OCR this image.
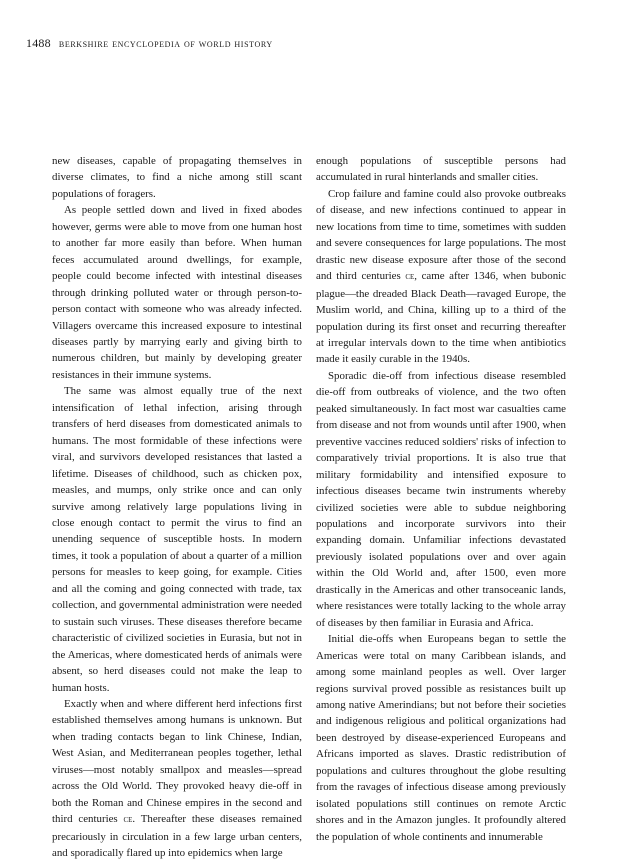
1488 berkshire encyclopedia of world history

new diseases, capable of propagating themselves in diverse climates, to find a niche among still scant populations of foragers.

As people settled down and lived in fixed abodes however, germs were able to move from one human host to another far more easily than before. When human feces accumulated around dwellings, for example, people could become infected with intestinal diseases through drinking polluted water or through person-to-person contact with someone who was already infected. Villagers overcame this increased exposure to intestinal diseases partly by marrying early and giving birth to numerous children, but mainly by developing greater resistances in their immune systems.

The same was almost equally true of the next intensification of lethal infection, arising through transfers of herd diseases from domesticated animals to humans. The most formidable of these infections were viral, and survivors developed resistances that lasted a lifetime. Diseases of childhood, such as chicken pox, measles, and mumps, only strike once and can only survive among relatively large populations living in close enough contact to permit the virus to find an unending sequence of susceptible hosts. In modern times, it took a population of about a quarter of a million persons for measles to keep going, for example. Cities and all the coming and going connected with trade, tax collection, and governmental administration were needed to sustain such viruses. These diseases therefore became characteristic of civilized societies in Eurasia, but not in the Americas, where domesticated herds of animals were absent, so herd diseases could not make the leap to human hosts.

Exactly when and where different herd infections first established themselves among humans is unknown. But when trading contacts began to link Chinese, Indian, West Asian, and Mediterranean peoples together, lethal viruses—most notably smallpox and measles—spread across the Old World. They provoked heavy die-off in both the Roman and Chinese empires in the second and third centuries ce. Thereafter these diseases remained precariously in circulation in a few large urban centers, and sporadically flared up into epidemics when large

enough populations of susceptible persons had accumulated in rural hinterlands and smaller cities.

Crop failure and famine could also provoke outbreaks of disease, and new infections continued to appear in new locations from time to time, sometimes with sudden and severe consequences for large populations. The most drastic new disease exposure after those of the second and third centuries ce, came after 1346, when bubonic plague—the dreaded Black Death—ravaged Europe, the Muslim world, and China, killing up to a third of the population during its first onset and recurring thereafter at irregular intervals down to the time when antibiotics made it easily curable in the 1940s.

Sporadic die-off from infectious disease resembled die-off from outbreaks of violence, and the two often peaked simultaneously. In fact most war casualties came from disease and not from wounds until after 1900, when preventive vaccines reduced soldiers' risks of infection to comparatively trivial proportions. It is also true that military formidability and intensified exposure to infectious diseases became twin instruments whereby civilized societies were able to subdue neighboring populations and incorporate survivors into their expanding domain. Unfamiliar infections devastated previously isolated populations over and over again within the Old World and, after 1500, even more drastically in the Americas and other transoceanic lands, where resistances were totally lacking to the whole array of diseases by then familiar in Eurasia and Africa.

Initial die-offs when Europeans began to settle the Americas were total on many Caribbean islands, and among some mainland peoples as well. Over larger regions survival proved possible as resistances built up among native Amerindians; but not before their societies and indigenous religious and political organizations had been destroyed by disease-experienced Europeans and Africans imported as slaves. Drastic redistribution of populations and cultures throughout the globe resulting from the ravages of infectious disease among previously isolated populations still continues on remote Arctic shores and in the Amazon jungles. It profoundly altered the population of whole continents and innumerable
